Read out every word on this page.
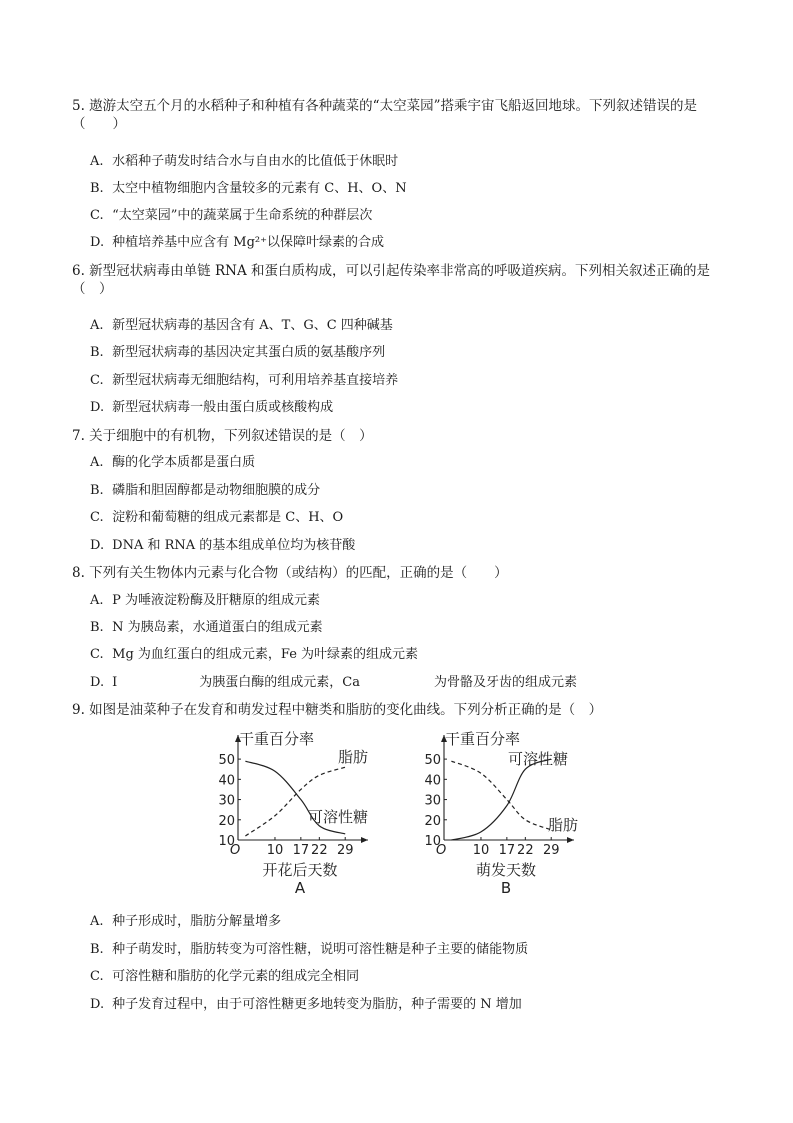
5. 遨游太空五个月的水稻种子和种植有各种蔬菜的“太空菜园”搭乘宇宙飞船返回地球。下列叙述错误的是（　　）
A. 水稻种子萌发时结合水与自由水的比值低于休眠时
B. 太空中植物细胞内含量较多的元素有 C、H、O、N
C. “太空菜园”中的蔬菜属于生命系统的种群层次
D. 种植培养基中应含有 Mg²⁺以保障叶绿素的合成
6. 新型冠状病毒由单链 RNA 和蛋白质构成，可以引起传染率非常高的呼吸道疾病。下列相关叙述正确的是（　）
A. 新型冠状病毒的基因含有 A、T、G、C 四种碱基
B. 新型冠状病毒的基因决定其蛋白质的氨基酸序列
C. 新型冠状病毒无细胞结构，可利用培养基直接培养
D. 新型冠状病毒一般由蛋白质或核酸构成
7. 关于细胞中的有机物，下列叙述错误的是（　）
A. 酶的化学本质都是蛋白质
B. 磷脂和胆固醇都是动物细胞膜的成分
C. 淀粉和葡萄糖的组成元素都是 C、H、O
D. DNA 和 RNA 的基本组成单位均为核苷酸
8. 下列有关生物体内元素与化合物（或结构）的匹配，正确的是（　　）
A. P 为唾液淀粉酶及肝糖原的组成元素
B. N 为胰岛素，水通道蛋白的组成元素
C. Mg 为血红蛋白的组成元素，Fe 为叶绿素的组成元素
D. I	为胰蛋白酶的组成元素，Ca	为骨骼及牙齿的组成元素
9. 如图是油菜种子在发育和萌发过程中糖类和脂肪的变化曲线。下列分析正确的是（　）
干重百分率
O
10
20
30
40
50
10 17 22 29
开花后天数
A
脂肪
可溶性糖
干重百分率
O
10
20
30
40
50
10 17 22 29
萌发天数
B
可溶性糖
脂肪
A. 种子形成时，脂肪分解量增多
B. 种子萌发时，脂肪转变为可溶性糖，说明可溶性糖是种子主要的储能物质
C. 可溶性糖和脂肪的化学元素的组成完全相同
D. 种子发育过程中，由于可溶性糖更多地转变为脂肪，种子需要的 N 增加
